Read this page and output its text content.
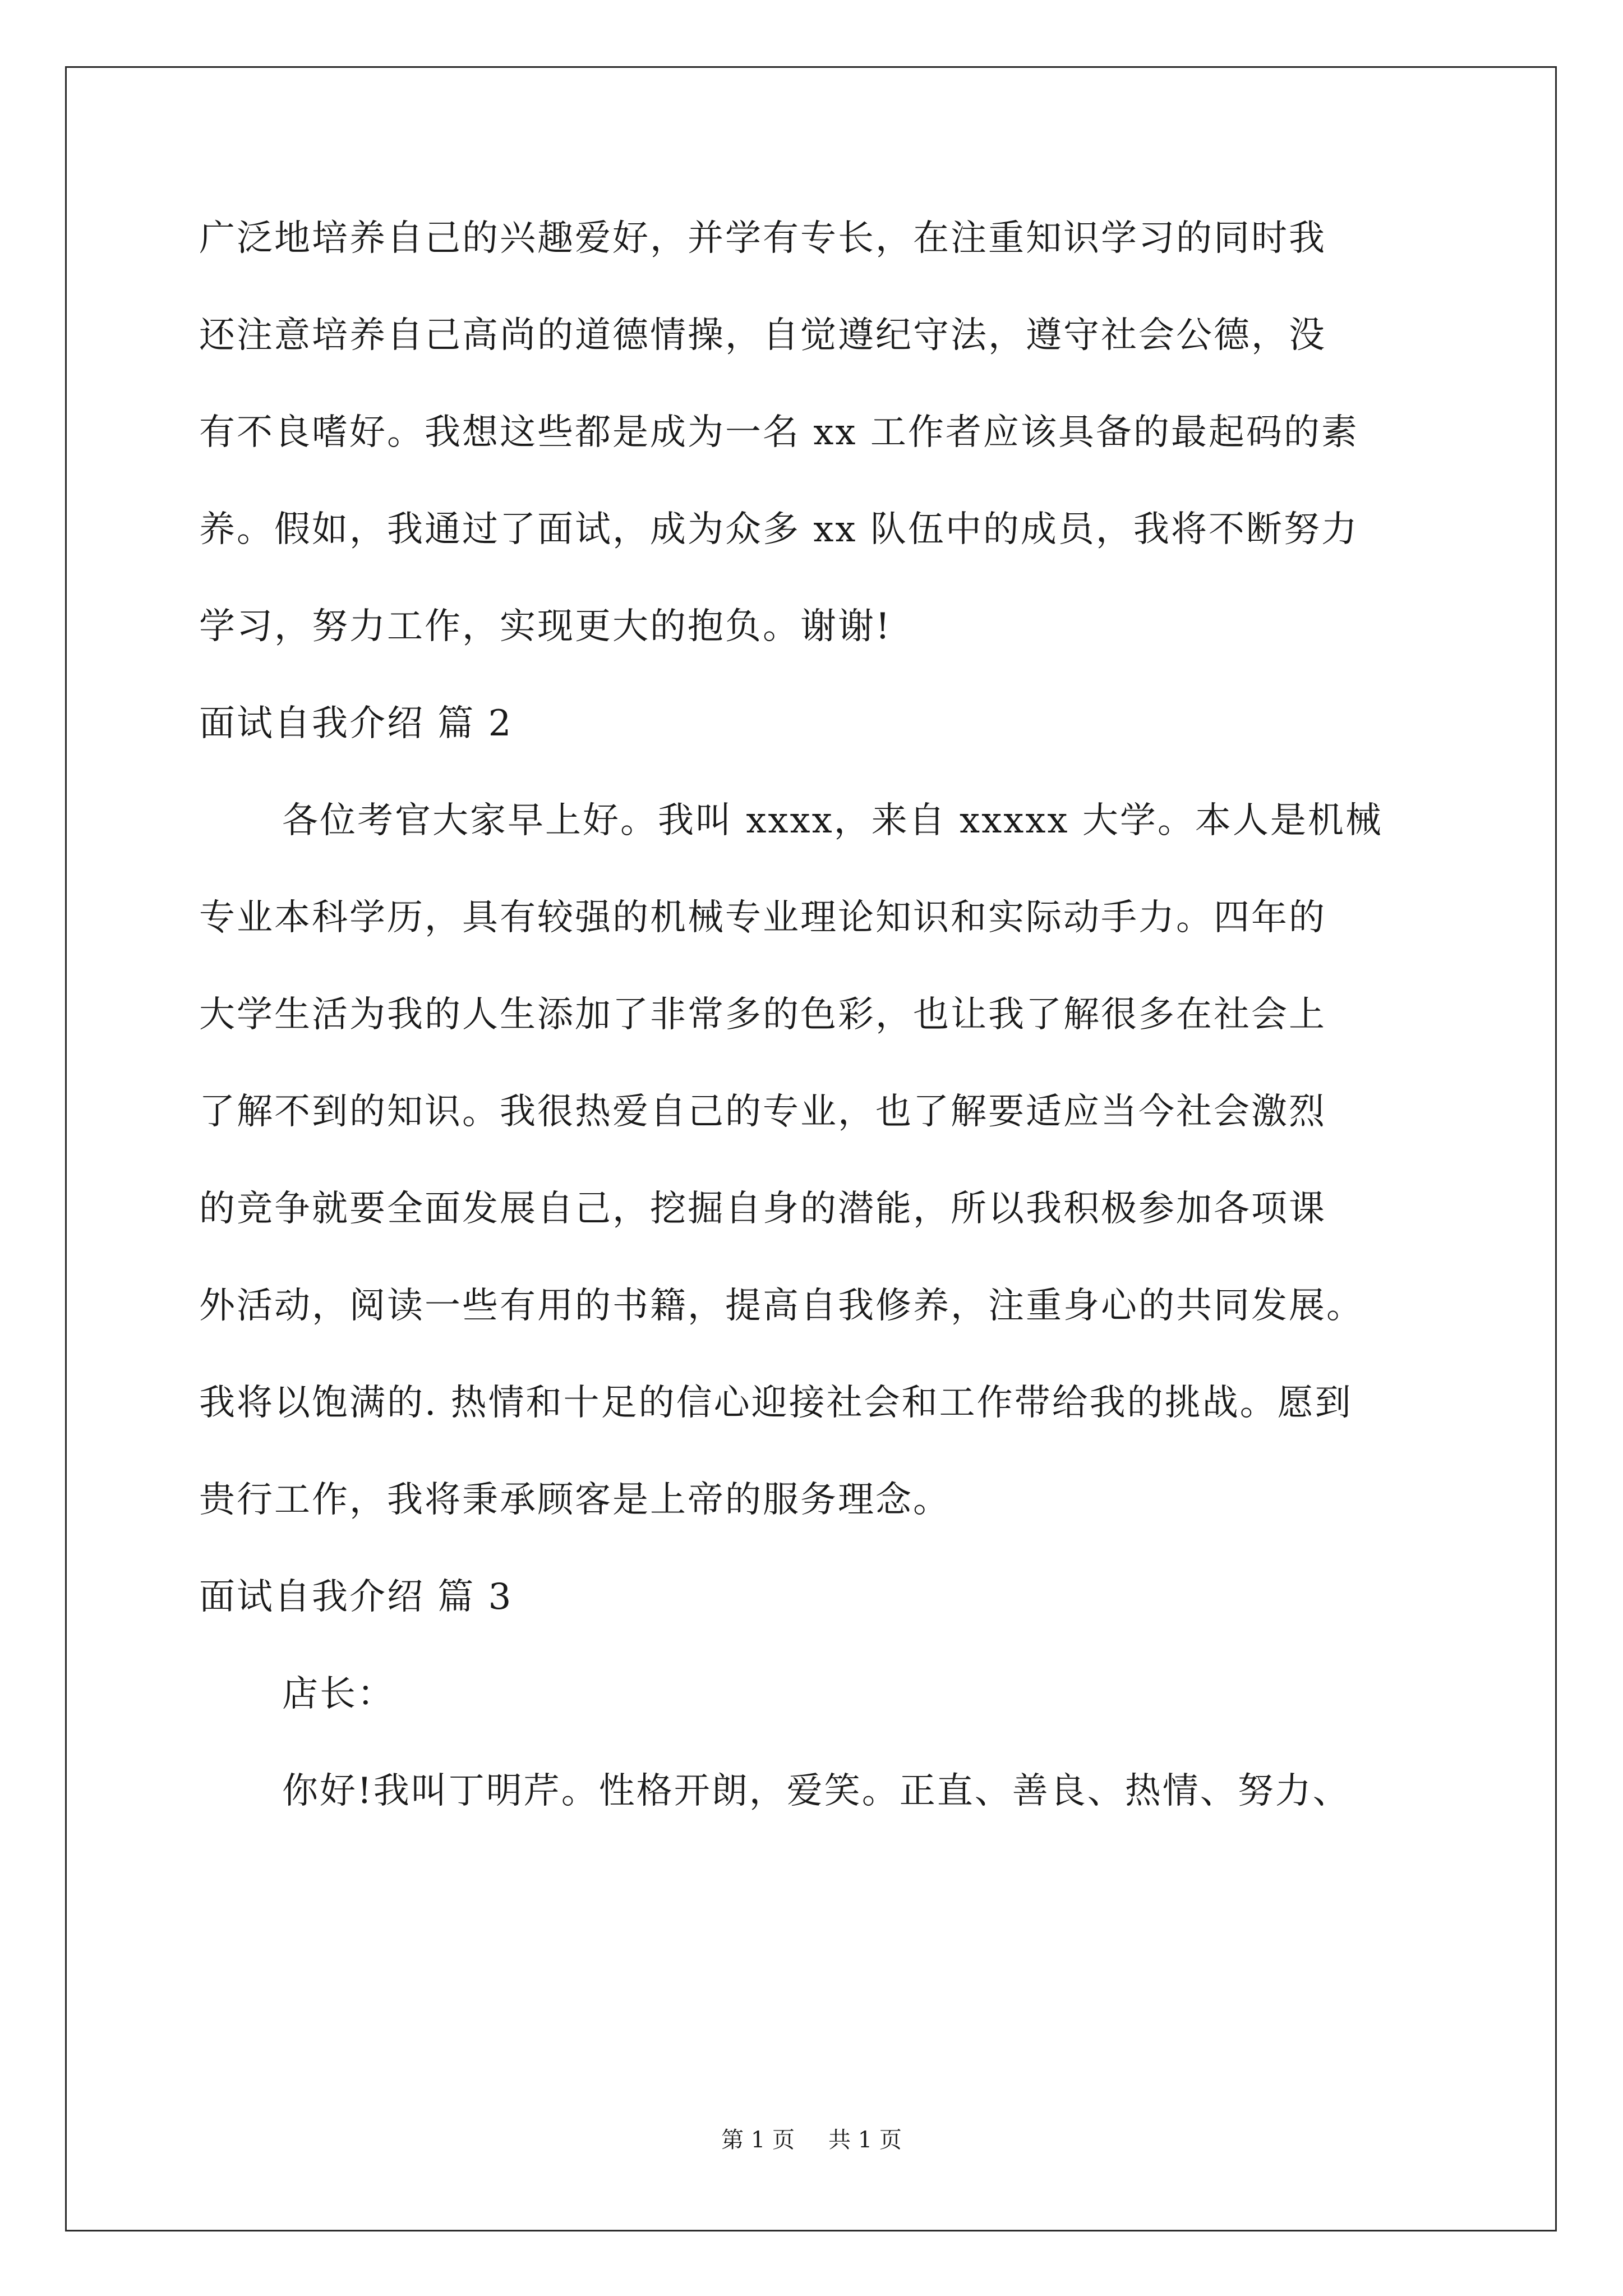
广泛地培养自己的兴趣爱好，并学有专长，在注重知识学习的同时我
还注意培养自己高尚的道德情操，自觉遵纪守法，遵守社会公德，没
有不良嗜好。我想这些都是成为一名 xx 工作者应该具备的最起码的素
养。假如，我通过了面试，成为众多 xx 队伍中的成员，我将不断努力
学习，努力工作，实现更大的抱负。谢谢!
面试自我介绍 篇 2
各位考官大家早上好。我叫 xxxx，来自 xxxxx 大学。本人是机械
专业本科学历，具有较强的机械专业理论知识和实际动手力。四年的
大学生活为我的人生添加了非常多的色彩，也让我了解很多在社会上
了解不到的知识。我很热爱自己的专业，也了解要适应当今社会激烈
的竞争就要全面发展自己，挖掘自身的潜能，所以我积极参加各项课
外活动，阅读一些有用的书籍，提高自我修养，注重身心的共同发展。
我将以饱满的. 热情和十足的信心迎接社会和工作带给我的挑战。愿到
贵行工作，我将秉承顾客是上帝的服务理念。
面试自我介绍 篇 3
店长：
你好!我叫丁明芹。性格开朗，爱笑。正直、善良、热情、努力、
第 1 页 共 1 页
